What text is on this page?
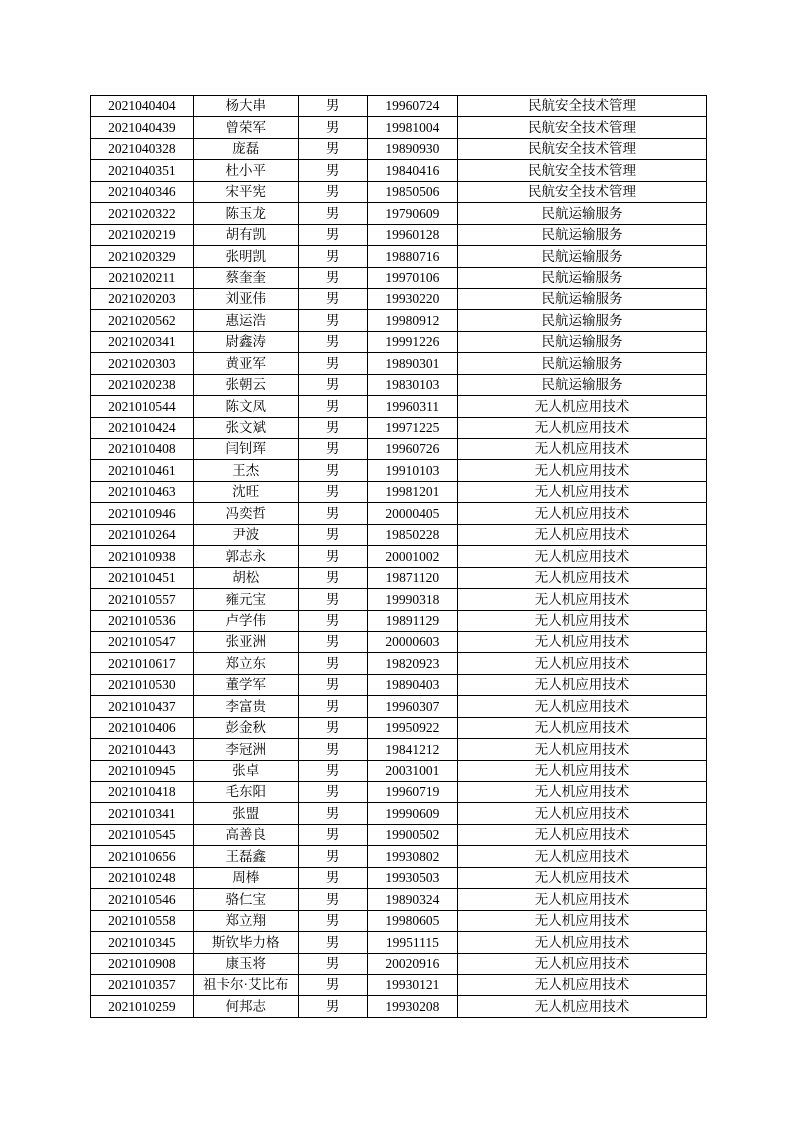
2021040404	杨大串	男	19960724	民航安全技术管理
2021040439	曾荣军	男	19981004	民航安全技术管理
2021040328	庞磊	男	19890930	民航安全技术管理
2021040351	杜小平	男	19840416	民航安全技术管理
2021040346	宋平宪	男	19850506	民航安全技术管理
2021020322	陈玉龙	男	19790609	民航运输服务
2021020219	胡有凯	男	19960128	民航运输服务
2021020329	张明凯	男	19880716	民航运输服务
2021020211	蔡奎奎	男	19970106	民航运输服务
2021020203	刘亚伟	男	19930220	民航运输服务
2021020562	惠运浩	男	19980912	民航运输服务
2021020341	尉鑫涛	男	19991226	民航运输服务
2021020303	黄亚军	男	19890301	民航运输服务
2021020238	张朝云	男	19830103	民航运输服务
2021010544	陈文凤	男	19960311	无人机应用技术
2021010424	张文斌	男	19971225	无人机应用技术
2021010408	闫钊珲	男	19960726	无人机应用技术
2021010461	王杰	男	19910103	无人机应用技术
2021010463	沈旺	男	19981201	无人机应用技术
2021010946	冯奕哲	男	20000405	无人机应用技术
2021010264	尹波	男	19850228	无人机应用技术
2021010938	郭志永	男	20001002	无人机应用技术
2021010451	胡松	男	19871120	无人机应用技术
2021010557	雍元宝	男	19990318	无人机应用技术
2021010536	卢学伟	男	19891129	无人机应用技术
2021010547	张亚洲	男	20000603	无人机应用技术
2021010617	郑立东	男	19820923	无人机应用技术
2021010530	董学军	男	19890403	无人机应用技术
2021010437	李富贵	男	19960307	无人机应用技术
2021010406	彭金秋	男	19950922	无人机应用技术
2021010443	李冠洲	男	19841212	无人机应用技术
2021010945	张卓	男	20031001	无人机应用技术
2021010418	毛东阳	男	19960719	无人机应用技术
2021010341	张盟	男	19990609	无人机应用技术
2021010545	高善良	男	19900502	无人机应用技术
2021010656	王磊鑫	男	19930802	无人机应用技术
2021010248	周棒	男	19930503	无人机应用技术
2021010546	骆仁宝	男	19890324	无人机应用技术
2021010558	郑立翔	男	19980605	无人机应用技术
2021010345	斯钦毕力格	男	19951115	无人机应用技术
2021010908	康玉将	男	20020916	无人机应用技术
2021010357	祖卡尔·艾比布	男	19930121	无人机应用技术
2021010259	何邦志	男	19930208	无人机应用技术
